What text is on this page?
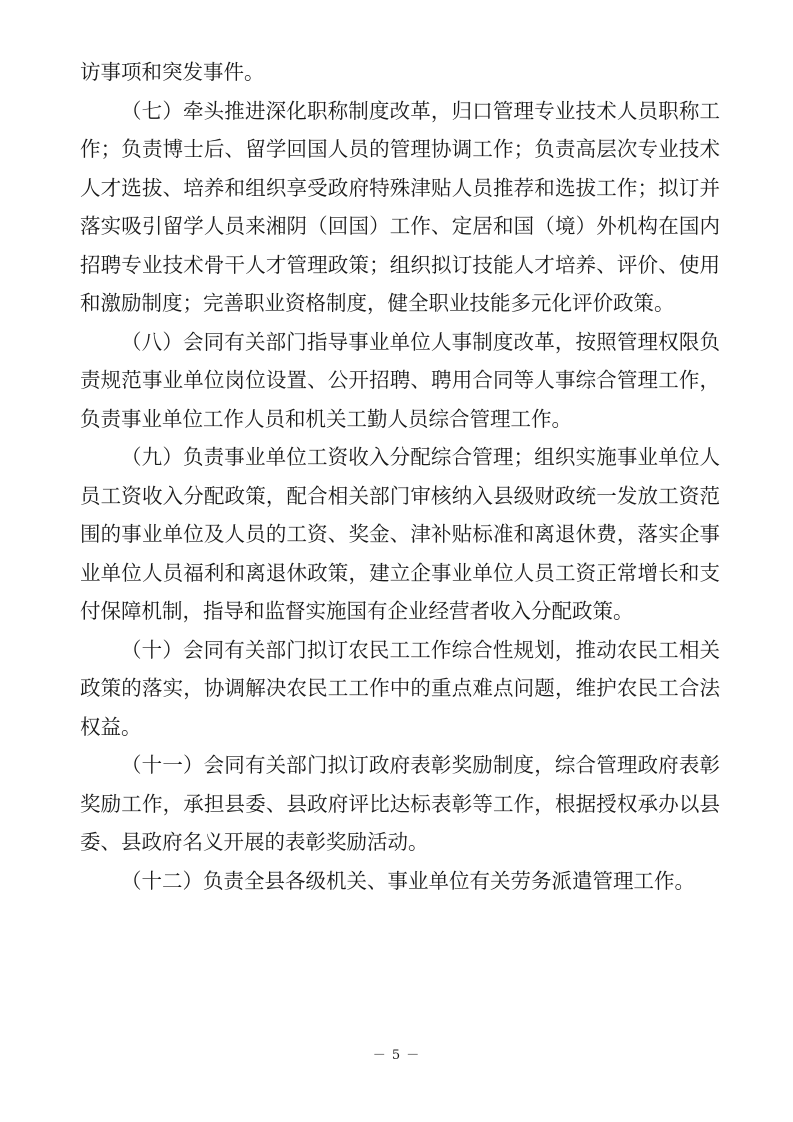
访事项和突发事件。

（七）牵头推进深化职称制度改革，归口管理专业技术人员职称工作；负责博士后、留学回国人员的管理协调工作；负责高层次专业技术人才选拔、培养和组织享受政府特殊津贴人员推荐和选拔工作；拟订并落实吸引留学人员来湘阴（回国）工作、定居和国（境）外机构在国内招聘专业技术骨干人才管理政策；组织拟订技能人才培养、评价、使用和激励制度；完善职业资格制度，健全职业技能多元化评价政策。

（八）会同有关部门指导事业单位人事制度改革，按照管理权限负责规范事业单位岗位设置、公开招聘、聘用合同等人事综合管理工作，负责事业单位工作人员和机关工勤人员综合管理工作。

（九）负责事业单位工资收入分配综合管理；组织实施事业单位人员工资收入分配政策，配合相关部门审核纳入县级财政统一发放工资范围的事业单位及人员的工资、奖金、津补贴标准和离退休费，落实企事业单位人员福利和离退休政策，建立企事业单位人员工资正常增长和支付保障机制，指导和监督实施国有企业经营者收入分配政策。

（十）会同有关部门拟订农民工工作综合性规划，推动农民工相关政策的落实，协调解决农民工工作中的重点难点问题，维护农民工合法权益。

（十一）会同有关部门拟订政府表彰奖励制度，综合管理政府表彰奖励工作，承担县委、县政府评比达标表彰等工作，根据授权承办以县委、县政府名义开展的表彰奖励活动。

（十二）负责全县各级机关、事业单位有关劳务派遣管理工作。

－ 5 －
